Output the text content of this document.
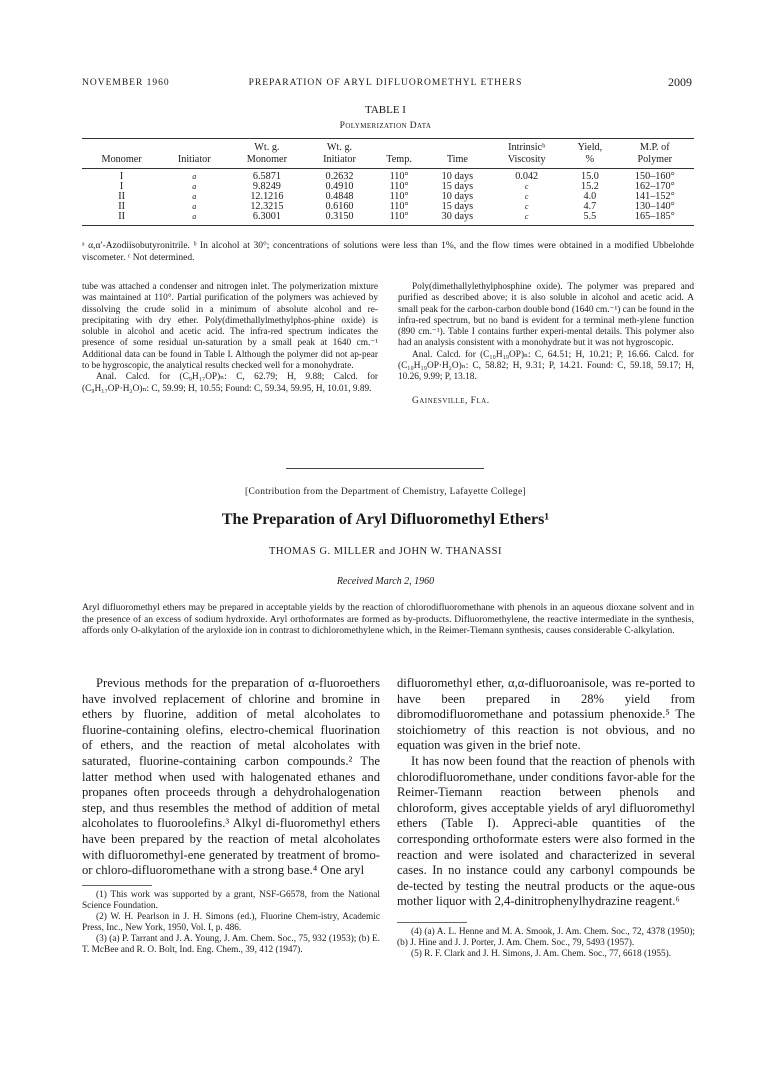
NOVEMBER 1960	PREPARATION OF ARYL DIFLUOROMETHYL ETHERS	2009
TABLE I
Polymerization Data
		Wt. g.	Wt. g.			Intrinsicᵇ	Yield,	M.P. of
Monomer	Initiator	Monomer	Initiator	Temp.	Time	Viscosity	%	Polymer
I	a	6.5871	0.2632	110°	10 days	0.042	15.0	150–160°
I	a	9.8249	0.4910	110°	15 days	c	15.2	162–170°
II	a	12.1216	0.4848	110°	10 days	c	4.0	141–152°
II	a	12.3215	0.6160	110°	15 days	c	4.7	130–140°
II	a	6.3001	0.3150	110°	30 days	c	5.5	165–185°
ᵃ α,α′-Azodiisobutyronitrile. ᵇ In alcohol at 30°; concentrations of solutions were less than 1%, and the flow times were obtained in a modified Ubbelohde viscometer. ᶜ Not determined.

tube was attached a condenser and nitrogen inlet. The polymerization mixture was maintained at 110°. Partial purification of the polymers was achieved by dissolving the crude solid in a minimum of absolute alcohol and re-precipitating with dry ether. Poly(dimethallylmethylphos-phine oxide) is soluble in alcohol and acetic acid. The infra-red spectrum indicates the presence of some residual un-saturation by a small peak at 1640 cm.⁻¹ Additional data can be found in Table I. Although the polymer did not ap-pear to be hygroscopic, the analytical results checked well for a monohydrate.

Anal. Calcd. for (C₉H₁₇OP)ₙ: C, 62.79; H, 9.88; Calcd. for (C₉H₁₇OP·H₂O)ₙ: C, 59.99; H, 10.55; Found: C, 59.34, 59.95, H, 10.01, 9.89.

Poly(dimethallylethylphosphine oxide). The polymer was prepared and purified as described above; it is also soluble in alcohol and acetic acid. A small peak for the carbon-carbon double bond (1640 cm.⁻¹) can be found in the infra-red spectrum, but no band is evident for a terminal meth-ylene function (890 cm.⁻¹). Table I contains further experi-mental details. This polymer also had an analysis consistent with a monohydrate but it was not hygroscopic.

Anal. Calcd. for (C₁₀H₁₉OP)ₙ: C, 64.51; H, 10.21; P, 16.66. Calcd. for (C₁₀H₁₉OP·H₂O)ₙ: C, 58.82; H, 9.31; P, 14.21. Found: C, 59.18, 59.17; H, 10.26, 9.99; P, 13.18.

Gainesville, Fla.

[Contribution from the Department of Chemistry, Lafayette College]
The Preparation of Aryl Difluoromethyl Ethers¹
THOMAS G. MILLER and JOHN W. THANASSI
Received March 2, 1960
Aryl difluoromethyl ethers may be prepared in acceptable yields by the reaction of chlorodifluoromethane with phenols in an aqueous dioxane solvent and in the presence of an excess of sodium hydroxide. Aryl orthoformates are formed as by-products. Difluoromethylene, the reactive intermediate in the synthesis, affords only O-alkylation of the aryloxide ion in contrast to dichloromethylene which, in the Reimer-Tiemann synthesis, causes considerable C-alkylation.

Previous methods for the preparation of α-fluoroethers have involved replacement of chlorine and bromine in ethers by fluorine, addition of metal alcoholates to fluorine-containing olefins, electro-chemical fluorination of ethers, and the reaction of metal alcoholates with saturated, fluorine-containing carbon compounds.² The latter method when used with halogenated ethanes and propanes often proceeds through a dehydrohalogenation step, and thus resembles the method of addition of metal alcoholates to fluoroolefins.³ Alkyl di-fluoromethyl ethers have been prepared by the reaction of metal alcoholates with difluoromethyl-ene generated by treatment of bromo- or chloro-difluoromethane with a strong base.⁴ One aryl

(1) This work was supported by a grant, NSF-G6578, from the National Science Foundation.

(2) W. H. Pearlson in J. H. Simons (ed.), Fluorine Chem-istry, Academic Press, Inc., New York, 1950, Vol. I, p. 486.

(3) (a) P. Tarrant and J. A. Young, J. Am. Chem. Soc., 75, 932 (1953); (b) E. T. McBee and R. O. Bolt, Ind. Eng. Chem., 39, 412 (1947).

difluoromethyl ether, α,α-difluoroanisole, was re-ported to have been prepared in 28% yield from dibromodifluoromethane and potassium phenoxide.⁵ The stoichiometry of this reaction is not obvious, and no equation was given in the brief note.

It has now been found that the reaction of phenols with chlorodifluoromethane, under conditions favor-able for the Reimer-Tiemann reaction between phenols and chloroform, gives acceptable yields of aryl difluoromethyl ethers (Table I). Appreci-able quantities of the corresponding orthoformate esters were also formed in the reaction and were isolated and characterized in several cases. In no instance could any carbonyl compounds be de-tected by testing the neutral products or the aque-ous mother liquor with 2,4-dinitrophenylhydrazine reagent.⁶

(4) (a) A. L. Henne and M. A. Smook, J. Am. Chem. Soc., 72, 4378 (1950); (b) J. Hine and J. J. Porter, J. Am. Chem. Soc., 79, 5493 (1957).

(5) R. F. Clark and J. H. Simons, J. Am. Chem. Soc., 77, 6618 (1955).
